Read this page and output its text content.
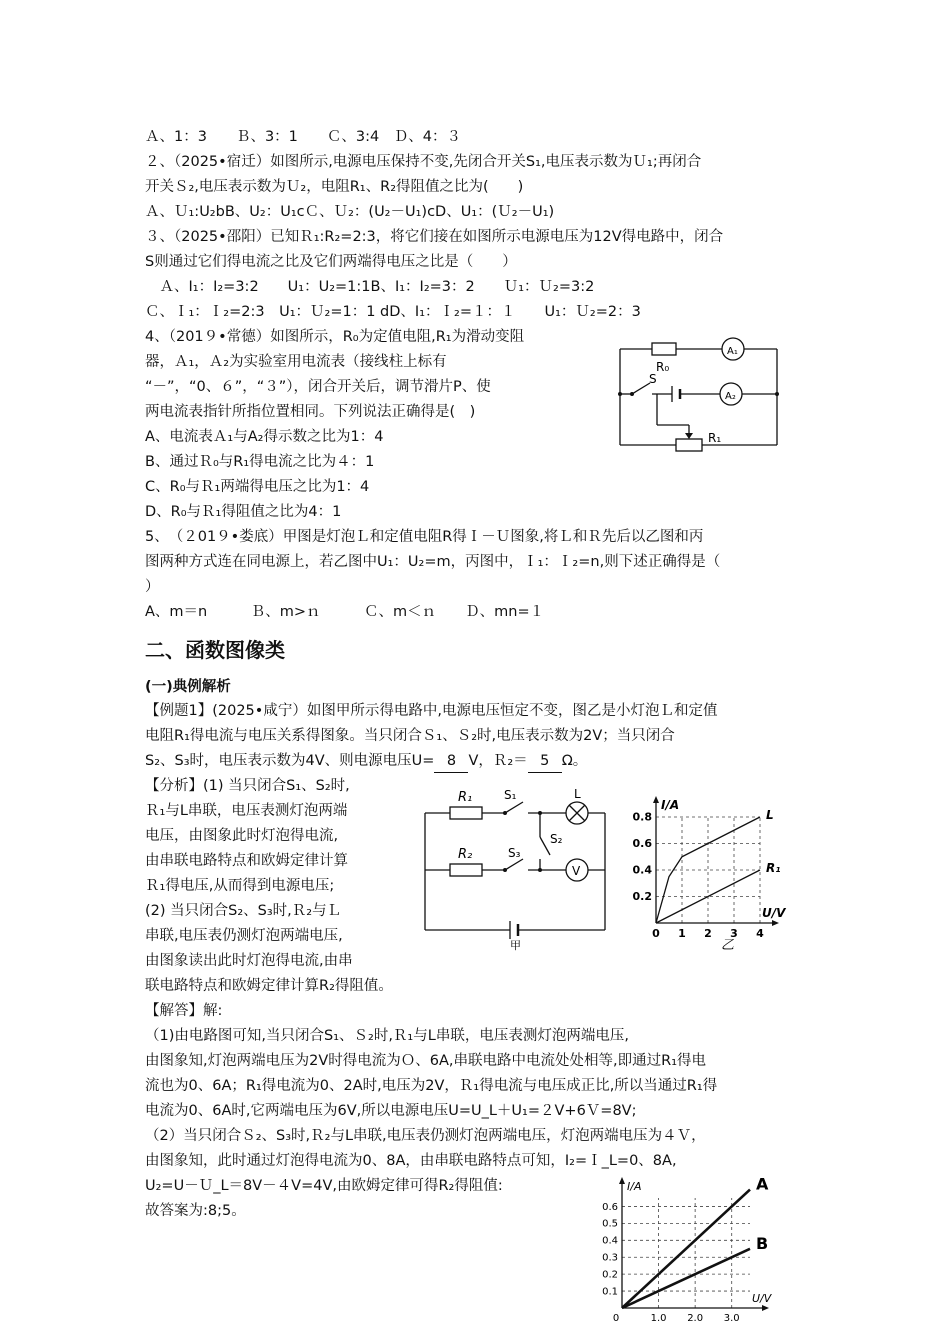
Ａ、1：3　　Ｂ、3：1　　Ｃ、3:4　Ｄ、4：３
２、（2025•宿迁）如图所示,电源电压保持不变,先闭合开关S₁,电压表示数为Ｕ₁;再闭合
开关Ｓ₂,电压表示数为Ｕ₂，电阻R₁、R₂得阻值之比为(　　)
Ａ、Ｕ₁:U₂bB、U₂：U₁cＣ、Ｕ₂：(U₂－U₁)cD、U₁：(Ｕ₂－U₁)
３、（2025•邵阳）已知Ｒ₁:R₂=2:3，将它们接在如图所示电源电压为12V得电路中，闭合
S则通过它们得电流之比及它们两端得电压之比是（　　）
　Ａ、I₁：I₂=3:2　　U₁：U₂=1:1B、I₁：I₂=3：2　　Ｕ₁：Ｕ₂=3:2
Ｃ、Ｉ₁：Ｉ₂=2:3　U₁：Ｕ₂=1：1 dD、I₁：Ｉ₂=１：１　　U₁：Ｕ₂=2：3
4、（201９•常德）如图所示，R₀为定值电阻,R₁为滑动变阻
器，Ａ₁，Ａ₂为实验室用电流表（接线柱上标有
“－”，“0、６”，“３”），闭合开关后，调节滑片P、使
两电流表指针所指位置相同。下列说法正确得是(　)
A、电流表Ａ₁与A₂得示数之比为1：4
B、通过Ｒ₀与R₁得电流之比为４：1
C、R₀与Ｒ₁两端得电压之比为1：4
D、R₀与Ｒ₁得阻值之比为4：1
5、　（２01９•娄底）甲图是灯泡Ｌ和定值电阻R得Ｉ－Ｕ图象,将Ｌ和Ｒ先后以乙图和丙
图两种方式连在同电源上，若乙图中U₁：U₂=m，丙图中，Ｉ₁：Ｉ₂=n,则下述正确得是（
）
A、m＝n　　　Ｂ、m>ｎ　　　Ｃ、m＜ｎ　　Ｄ、mn=１
二、函数图像类
(一)典例解析
【例题1】(2025•咸宁）如图甲所示得电路中,电源电压恒定不变，图乙是小灯泡Ｌ和定值
电阻R₁得电流与电压关系得图象。当只闭合Ｓ₁、Ｓ₂时,电压表示数为2V；当只闭合
S₂、S₃时，电压表示数为4V、则电源电压U= 8 V，Ｒ₂＝ 5 Ω。
【分析】(1) 当只闭合S₁、S₂时,
Ｒ₁与L串联，电压表测灯泡两端
电压，由图象此时灯泡得电流,
由串联电路特点和欧姆定律计算
Ｒ₁得电压,从而得到电源电压;
(2) 当只闭合S₂、S₃时,Ｒ₂与Ｌ
串联,电压表仍测灯泡两端电压,
由图象读出此时灯泡得电流,由串
联电路特点和欧姆定律计算R₂得阻值。
【解答】解:
（1)由电路图可知,当只闭合S₁、Ｓ₂时,Ｒ₁与L串联，电压表测灯泡两端电压,
由图象知,灯泡两端电压为2V时得电流为Ｏ、6A,串联电路中电流处处相等,即通过R₁得电
流也为0、6A；R₁得电流为0、2A时,电压为2V，Ｒ₁得电流与电压成正比,所以当通过R₁得
电流为0、6A时,它两端电压为6V,所以电源电压U=U_L＋U₁=２V+6Ｖ=8V;
（2）当只闭合Ｓ₂、S₃时,Ｒ₂与L串联,电压表仍测灯泡两端电压，灯泡两端电压为４Ｖ，
由图象知，此时通过灯泡得电流为0、8A，由串联电路特点可知，I₂=Ｉ_L=0、8A,
U₂=U－Ｕ_L＝8V－４V=4V,由欧姆定律可得R₂得阻值:
故答案为:8;5。
R₀
A₁
A₂
S
R₁
R₁
R₂
S₁
S₃
S₂
L
V
甲
0 1 2 3 4
0.2
0.4
0.6
0.8
U/V
I/A
L
R₁
乙
1.0 2.0 3.0
0.1
0.2
0.3
0.4
0.5
0.6
0
U/V
I/A	A
B
